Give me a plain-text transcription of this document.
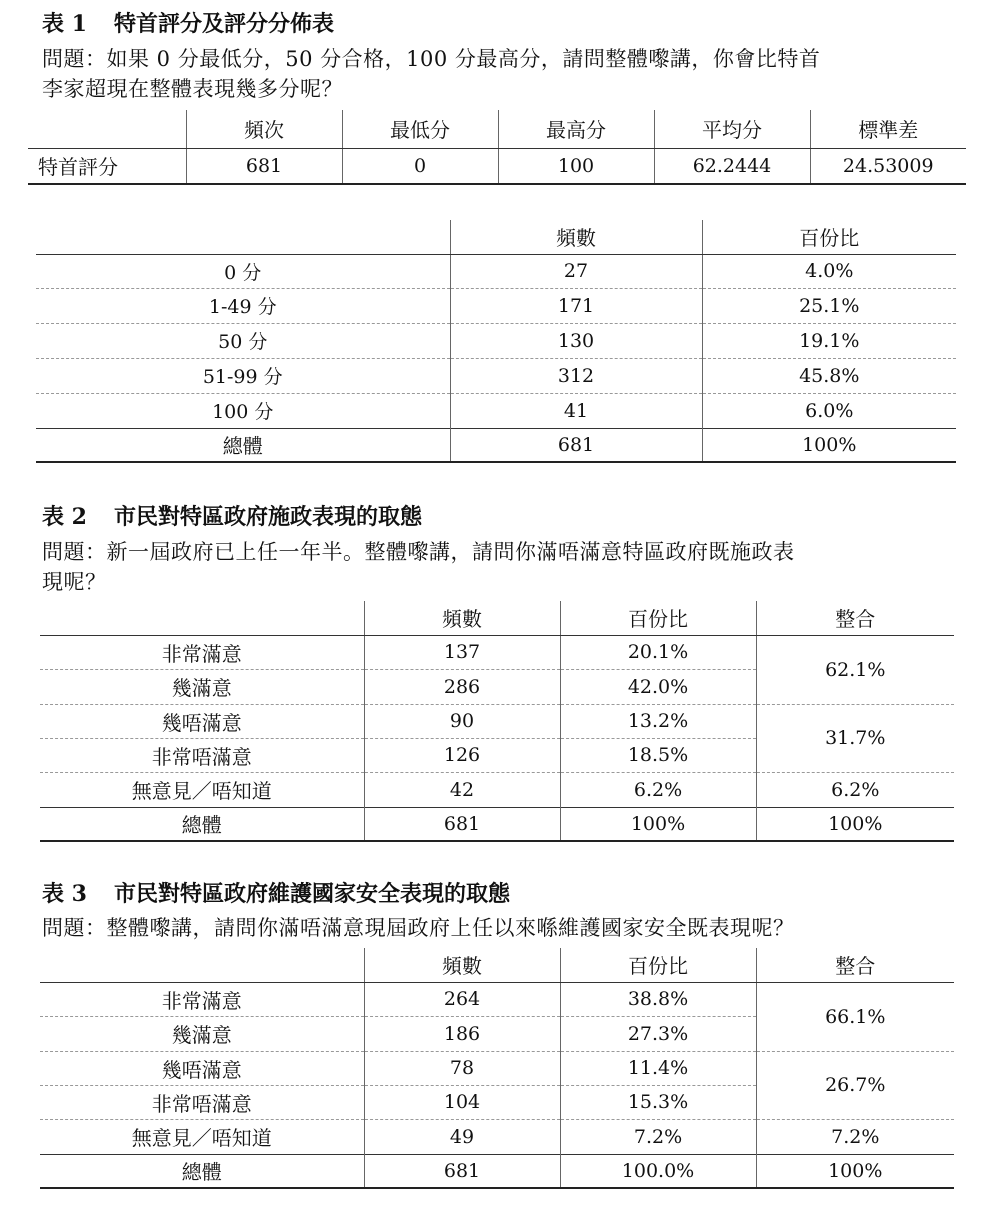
表 1 特首評分及評分分佈表
問題：如果 0 分最低分，50 分合格，100 分最高分，請問整體嚟講，你會比特首
李家超現在整體表現幾多分呢？
	頻次	最低分	最高分	平均分	標準差
特首評分	681	0	100	62.2444	24.53009
	頻數	百份比
0 分	27	4.0%
1-49 分	171	25.1%
50 分	130	19.1%
51-99 分	312	45.8%
100 分	41	6.0%
總體	681	100%
表 2 市民對特區政府施政表現的取態
問題：新一屆政府已上任一年半。整體嚟講，請問你滿唔滿意特區政府既施政表
現呢？
	頻數	百份比	整合
非常滿意	137	20.1%	62.1%
幾滿意	286	42.0%	
幾唔滿意	90	13.2%	31.7%
非常唔滿意	126	18.5%	
無意見／唔知道	42	6.2%	6.2%
總體	681	100%	100%
表 3 市民對特區政府維護國家安全表現的取態
問題：整體嚟講，請問你滿唔滿意現屆政府上任以來喺維護國家安全既表現呢？
	頻數	百份比	整合
非常滿意	264	38.8%	66.1%
幾滿意	186	27.3%	
幾唔滿意	78	11.4%	26.7%
非常唔滿意	104	15.3%	
無意見／唔知道	49	7.2%	7.2%
總體	681	100.0%	100%
